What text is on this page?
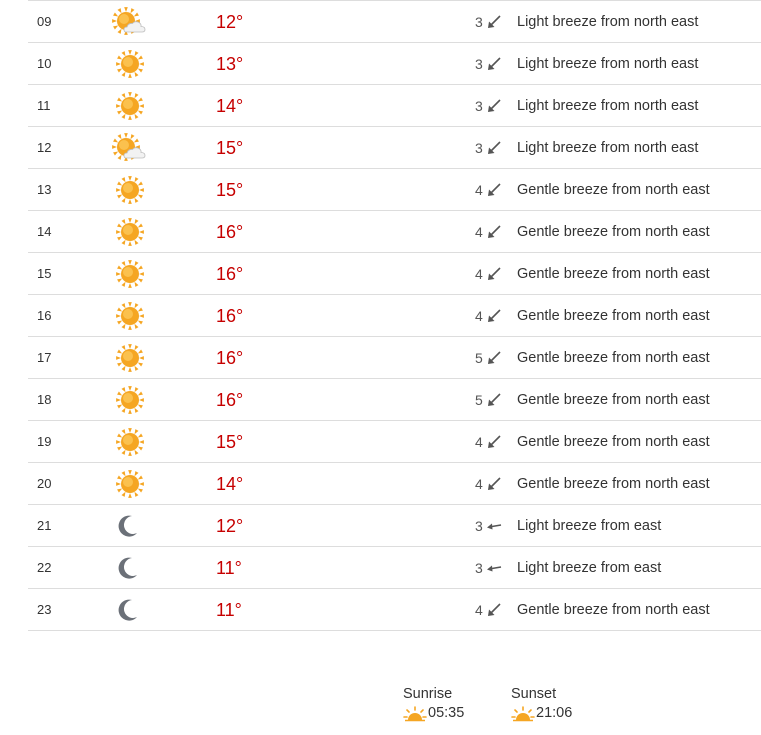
09	12°	3 Light breeze from north east
10	13°	3 Light breeze from north east
11	14°	3 Light breeze from north east
12	15°	3 Light breeze from north east
13	15°	4 Gentle breeze from north east
14	16°	4 Gentle breeze from north east
15	16°	4 Gentle breeze from north east
16	16°	4 Gentle breeze from north east
17	16°	5 Gentle breeze from north east
18	16°	5 Gentle breeze from north east
19	15°	4 Gentle breeze from north east
20	14°	4 Gentle breeze from north east
21	12°	3 Light breeze from east
22	11°	3 Light breeze from east
23	11°	4 Gentle breeze from north east
Sunrise
05:35
Sunset
21:06
